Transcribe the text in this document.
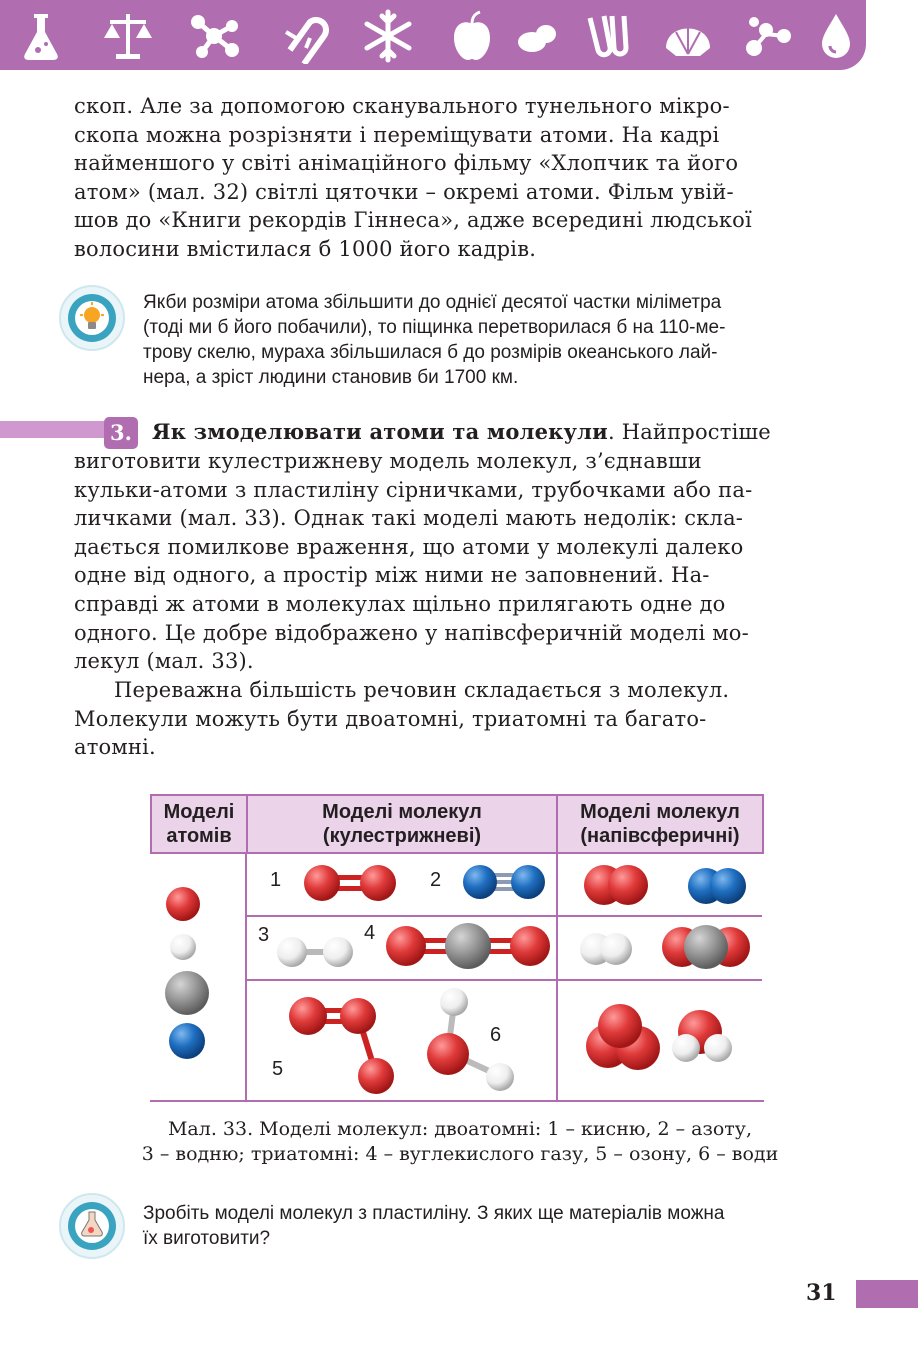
скоп. Але за допомогою сканувального тунельного мікро-
скопа можна розрізняти і переміщувати атоми. На кадрі
найменшого у світі анімаційного фільму «Хлопчик та його
атом» (мал. 32) світлі цяточки – окремі атоми. Фільм увій-
шов до «Книги рекордів Гіннеса», адже всередині людської
волосини вмістилася б 1000 його кадрів.
Якби розміри атома збільшити до однієї десятої частки міліметра
(тоді ми б його побачили), то піщинка перетворилася б на 110-ме-
трову скелю, мураха збільшилася б до розмірів океанського лай-
нера, а зріст людини становив би 1700 км.
3. Як змоделювати атоми та молекули. Найпростіше
виготовити кулестрижневу модель молекул, з’єднавши
кульки-атоми з пластиліну сірничками, трубочками або па-
личками (мал. 33). Однак такі моделі мають недолік: скла-
дається помилкове враження, що атоми у молекулі далеко
одне від одного, а простір між ними не заповнений. На-
справді ж атоми в молекулах щільно прилягають одне до
одного. Це добре відображено у напівсферичній моделі мо-
лекул (мал. 33).
Переважна більшість речовин складається з молекул.
Молекули можуть бути двоатомні, триатомні та багато-
атомні.
Моделі
атомів
Моделі молекул
(кулестрижневі)
Моделі молекул
(напівсферичні)
1	2
3	4
5
6
Мал. 33. Моделі молекул: двоатомні: 1 – кисню, 2 – азоту,
3 – водню; триатомні: 4 – вуглекислого газу, 5 – озону, 6 – води
Зробіть моделі молекул з пластиліну. З яких ще матеріалів можна
їх виготовити?
31
